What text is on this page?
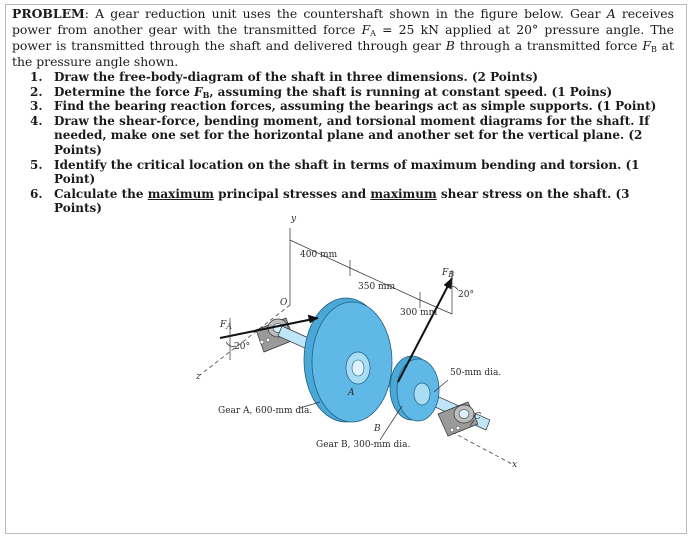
PROBLEM: A gear reduction unit uses the countershaft shown in the figure below. Gear A receives power from another gear with the transmitted force $F_A = 25$ kN applied at 20° pressure angle. The power is transmitted through the shaft and delivered through gear B through a transmitted force $F_B$ at the pressure angle shown.
1. Draw the free-body-diagram of the shaft in three dimensions. (2 Points)
2. Determine the force $F_B$, assuming the shaft is running at constant speed. (1 Poins)
3. Find the bearing reaction forces, assuming the bearings act as simple supports. (1 Point)
4. Draw the shear-force, bending moment, and torsional moment diagrams for the shaft. If needed, make one set for the horizontal plane and another set for the vertical plane. (2 Points)
5. Identify the critical location on the shaft in terms of maximum bending and torsion. (1 Point)
6. Calculate the maximum principal stresses and maximum shear stress on the shaft. (3 Points)
y
z
x
O
400 mm
350 mm
300 mm
$F_A$
$F_B$
20°
20°
A
B
C
50-mm dia.
Gear A, 600-mm dia.
Gear B, 300-mm dia.
